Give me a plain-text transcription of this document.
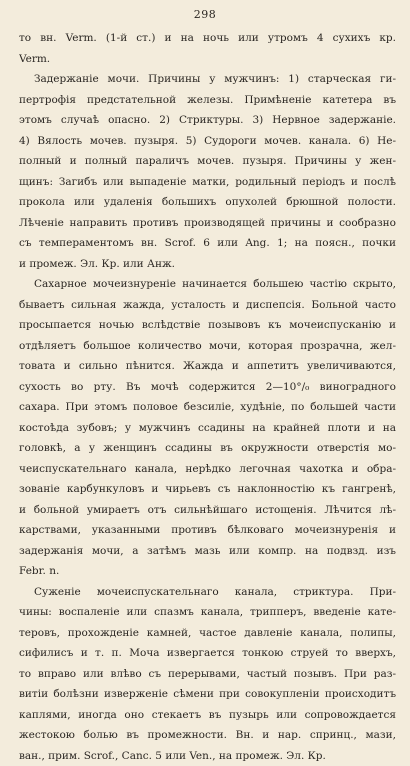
298
то вн. Verm. (1-й ст.) и на ночь или утромъ 4 сухихъ кр.
Verm.
Задержаніе мочи. Причины у мужчинъ: 1) старческая ги-
пертрофія предстательной железы. Примѣненіе катетера въ
этомъ случаѣ опасно. 2) Стриктуры. 3) Нервное задержаніе.
4) Вялость мочев. пузыря. 5) Судороги мочев. канала. 6) Не-
полный и полный параличъ мочев. пузыря. Причины у жен-
щинъ: Загибъ или выпаденіе матки, родильный періодъ и послѣ
прокола или удаленія большихъ опухолей брюшной полости.
Лѣченіе направить противъ производящей причины и сообразно
съ темпераментомъ вн. Scrof. 6 или Ang. 1; на поясн., почки
и промеж. Эл. Кр. или Анж.
Сахарное мочеизнуреніе начинается большею частію скрыто,
бываетъ сильная жажда, усталость и диспепсія. Больной часто
просыпается ночью вслѣдствіе позывовъ къ мочеиспусканію и
отдѣляетъ большое количество мочи, которая прозрачна, жел-
товата и сильно пѣнится. Жажда и аппетитъ увеличиваются,
сухость во рту. Въ мочѣ содержится 2—10°/₀ виноградного
сахара. При этомъ половое безсиліе, худѣніе, по большей части
костоѣда зубовъ; у мужчинъ ссадины на крайней плоти и на
головкѣ, а у женщинъ ссадины въ окружности отверстія мо-
чеиспускательнаго канала, нерѣдко легочная чахотка и обра-
зованіе карбункуловъ и чирьевъ съ наклонностію къ гангренѣ,
и больной умираетъ отъ сильнѣйшаго истощенія. Лѣчится лѣ-
карствами, указанными противъ бѣлковаго мочеизнуренія и
задержанія мочи, а затѣмъ мазь или компр. на подвзд. изъ
Febr. n.
Суженіе мочеиспускательнаго канала, стриктура. При-
чины: воспаленіе или спазмъ канала, трипперъ, введеніе кате-
теровъ, прохожденіе камней, частое давленіе канала, полипы,
сифилисъ и т. п. Моча извергается тонкою струей то вверхъ,
то вправо или влѣво съ перерывами, частый позывъ. При раз-
витіи болѣзни изверженіе сѣмени при совокупленіи происходитъ
каплями, иногда оно стекаетъ въ пузырь или сопровождается
жестокою болью въ промежности. Вн. и нар. спринц., мази,
ван., прим. Scrof., Canc. 5 или Ven., на промеж. Эл. Кр.
